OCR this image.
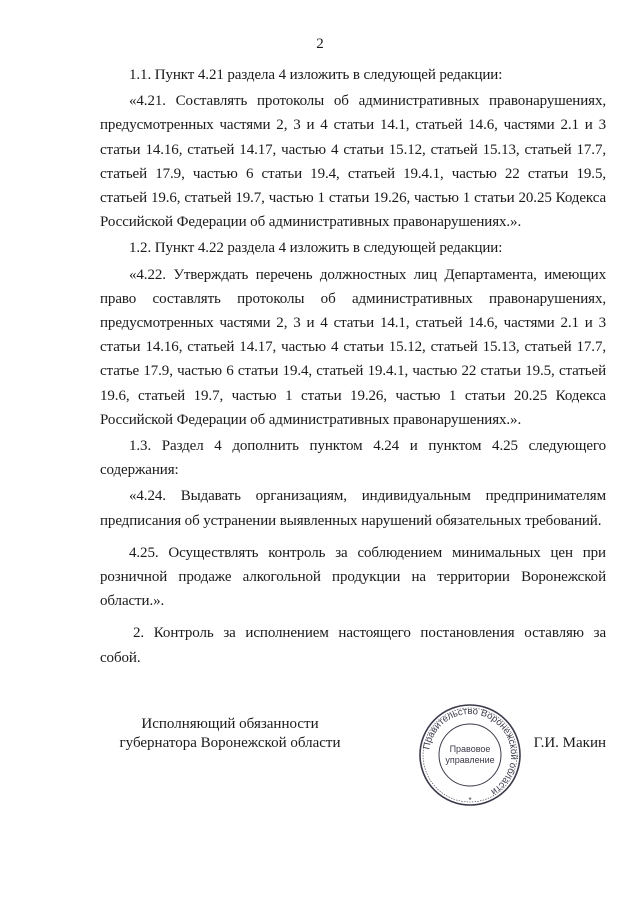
2

1.1. Пункт 4.21 раздела 4 изложить в следующей редакции:

«4.21. Составлять протоколы об административных правонарушениях, предусмотренных частями 2, 3 и 4 статьи 14.1, статьей 14.6, частями 2.1 и 3 статьи 14.16, статьей 14.17, частью 4 статьи 15.12, статьей 15.13, статьей 17.7, статьей 17.9, частью 6 статьи 19.4, статьей 19.4.1, частью 22 статьи 19.5, статьей 19.6, статьей 19.7, частью 1 статьи 19.26, частью 1 статьи 20.25 Кодекса Российской Федерации об административных правонарушениях.».

1.2. Пункт 4.22 раздела 4 изложить в следующей редакции:

«4.22. Утверждать перечень должностных лиц Департамента, имеющих право составлять протоколы об административных правонарушениях, предусмотренных частями 2, 3 и 4 статьи 14.1, статьей 14.6, частями 2.1 и 3 статьи 14.16, статьей 14.17, частью 4 статьи 15.12, статьей 15.13, статьей 17.7, статье 17.9, частью 6 статьи 19.4, статьей 19.4.1, частью 22 статьи 19.5, статьей 19.6, статьей 19.7, частью 1 статьи 19.26, частью 1 статьи 20.25 Кодекса Российской Федерации об административных правонарушениях.».

1.3. Раздел 4 дополнить пунктом 4.24 и пунктом 4.25 следующего содержания:

«4.24. Выдавать организациям, индивидуальным предпринимателям предписания об устранении выявленных нарушений обязательных требований.

4.25. Осуществлять контроль за соблюдением минимальных цен при розничной продаже алкогольной продукции на территории Воронежской области.».

2. Контроль за исполнением настоящего постановления оставляю за собой.

Исполняющий обязанности
губернатора Воронежской области	Правительство Воронежской области
Правовое
управление
*
Г.И. Макин
